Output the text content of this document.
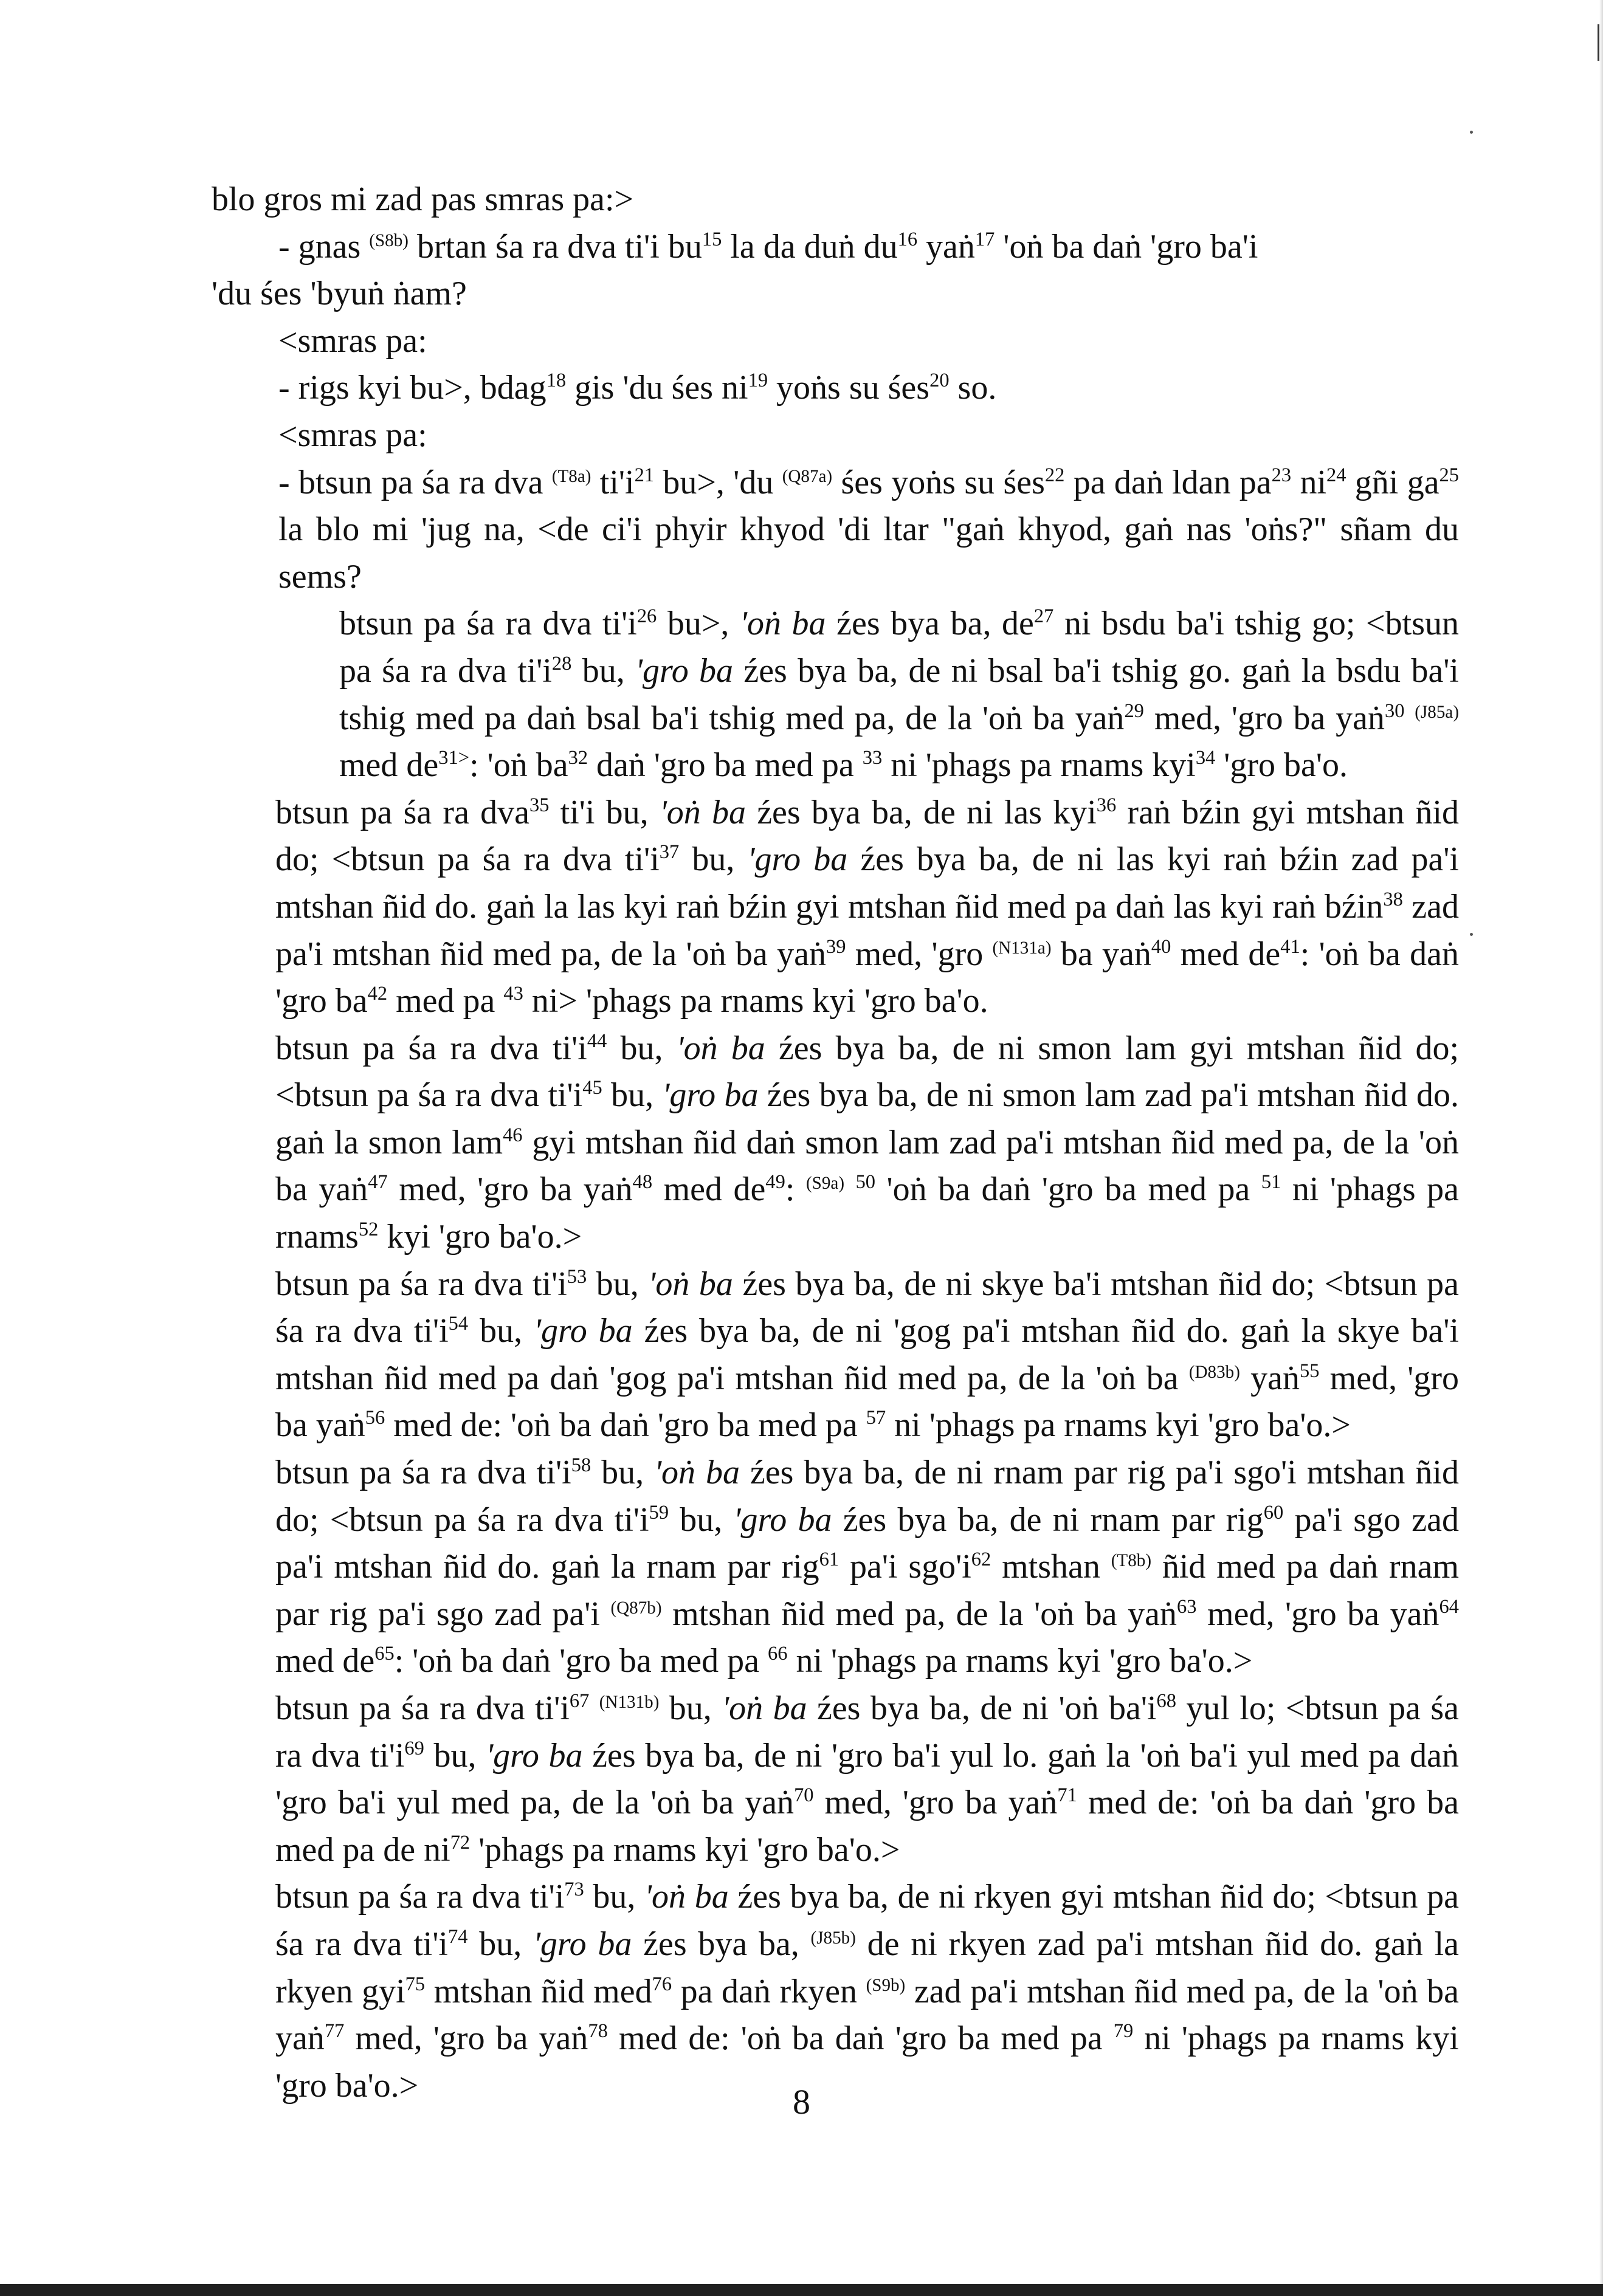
blo gros mi zad pas smras pa:>
- gnas $^{(S8b)}$ brtan śa ra dva ti'i $bu^{15}$ la da duṅ $du^{16}$ yaṅ$^{17}$ 'oṅ ba daṅ 'gro ba'i
'du śes 'byuṅ ṅam?
<smras pa:
- rigs kyi bu>, bdag$^{18}$ gis 'du śes $ni^{19}$ yoṅs su śes$^{20}$ so.
<smras pa:

- btsun pa śa ra dva $^{(T8a)}$ $ti'i^{21}$ bu>, 'du $^{(Q87a)}$ śes yoṅs su śes$^{22}$ pa daṅ ldan $pa^{23}$ $ni^{24}$ gñi $ga^{25}$ la blo mi 'jug na, <de ci'i phyir khyod 'di ltar "gaṅ khyod, gaṅ nas 'oṅs?" sñam du sems?

btsun pa śa ra dva $ti'i^{26}$ bu>, 'oṅ ba źes bya ba, $de^{27}$ ni bsdu ba'i tshig go; <btsun pa śa ra dva $ti'i^{28}$ bu, 'gro ba źes bya ba, de ni bsal ba'i tshig go. gaṅ la bsdu ba'i tshig med pa daṅ bsal ba'i tshig med pa, de la 'oṅ ba yaṅ$^{29}$ med, 'gro ba yaṅ$^{30}$ $^{(J85a)}$ med $de^{31>}$: 'oṅ $ba^{32}$ daṅ 'gro ba med pa $^{33}$ ni 'phags pa rnams kyi$^{34}$ 'gro ba'o.

btsun pa śa ra dva$^{35}$ ti'i bu, 'oṅ ba źes bya ba, de ni las kyi$^{36}$ raṅ bźin gyi mtshan ñid do; <btsun pa śa ra dva $ti'i^{37}$ bu, 'gro ba źes bya ba, de ni las kyi raṅ bźin zad pa'i mtshan ñid do. gaṅ la las kyi raṅ bźin gyi mtshan ñid med pa daṅ las kyi raṅ bźin$^{38}$ zad pa'i mtshan ñid med pa, de la 'oṅ ba yaṅ$^{39}$ med, 'gro $^{(N131a)}$ ba yaṅ$^{40}$ med $de^{41}$: 'oṅ ba daṅ 'gro $ba^{42}$ med pa $^{43}$ ni> 'phags pa rnams kyi 'gro ba'o.

btsun pa śa ra dva $ti'i^{44}$ bu, 'oṅ ba źes bya ba, de ni smon lam gyi mtshan ñid do; <btsun pa śa ra dva $ti'i^{45}$ bu, 'gro ba źes bya ba, de ni smon lam zad pa'i mtshan ñid do. gaṅ la smon lam$^{46}$ gyi mtshan ñid daṅ smon lam zad pa'i mtshan ñid med pa, de la 'oṅ ba yaṅ$^{47}$ med, 'gro ba yaṅ$^{48}$ med $de^{49}$: $^{(S9a)}$ $^{50}$ 'oṅ ba daṅ 'gro ba med pa $^{51}$ ni 'phags pa rnams$^{52}$ kyi 'gro ba'o.>

btsun pa śa ra dva $ti'i^{53}$ bu, 'oṅ ba źes bya ba, de ni skye ba'i mtshan ñid do; <btsun pa śa ra dva $ti'i^{54}$ bu, 'gro ba źes bya ba, de ni 'gog pa'i mtshan ñid do. gaṅ la skye ba'i mtshan ñid med pa daṅ 'gog pa'i mtshan ñid med pa, de la 'oṅ ba $^{(D83b)}$ yaṅ$^{55}$ med, 'gro ba yaṅ$^{56}$ med de: 'oṅ ba daṅ 'gro ba med pa $^{57}$ ni 'phags pa rnams kyi 'gro ba'o.>

btsun pa śa ra dva $ti'i^{58}$ bu, 'oṅ ba źes bya ba, de ni rnam par rig pa'i sgo'i mtshan ñid do; <btsun pa śa ra dva $ti'i^{59}$ bu, 'gro ba źes bya ba, de ni rnam par rig$^{60}$ pa'i sgo zad pa'i mtshan ñid do. gaṅ la rnam par rig$^{61}$ pa'i $sgo'i^{62}$ mtshan $^{(T8b)}$ ñid med pa daṅ rnam par rig pa'i sgo zad pa'i $^{(Q87b)}$ mtshan ñid med pa, de la 'oṅ ba yaṅ$^{63}$ med, 'gro ba yaṅ$^{64}$ med $de^{65}$: 'oṅ ba daṅ 'gro ba med pa $^{66}$ ni 'phags pa rnams kyi 'gro ba'o.>

btsun pa śa ra dva $ti'i^{67}$ $^{(N131b)}$ bu, 'oṅ ba źes bya ba, de ni 'oṅ $ba'i^{68}$ yul lo; <btsun pa śa ra dva $ti'i^{69}$ bu, 'gro ba źes bya ba, de ni 'gro ba'i yul lo. gaṅ la 'oṅ ba'i yul med pa daṅ 'gro ba'i yul med pa, de la 'oṅ ba yaṅ$^{70}$ med, 'gro ba yaṅ$^{71}$ med de: 'oṅ ba daṅ 'gro ba med pa de $ni^{72}$ 'phags pa rnams kyi 'gro ba'o.>

btsun pa śa ra dva $ti'i^{73}$ bu, 'oṅ ba źes bya ba, de ni rkyen gyi mtshan ñid do; <btsun pa śa ra dva $ti'i^{74}$ bu, 'gro ba źes bya ba, $^{(J85b)}$ de ni rkyen zad pa'i mtshan ñid do. gaṅ la rkyen gyi$^{75}$ mtshan ñid med$^{76}$ pa daṅ rkyen $^{(S9b)}$ zad pa'i mtshan ñid med pa, de la 'oṅ ba yaṅ$^{77}$ med, 'gro ba yaṅ$^{78}$ med de: 'oṅ ba daṅ 'gro ba med pa $^{79}$ ni 'phags pa rnams kyi 'gro ba'o.>	8
